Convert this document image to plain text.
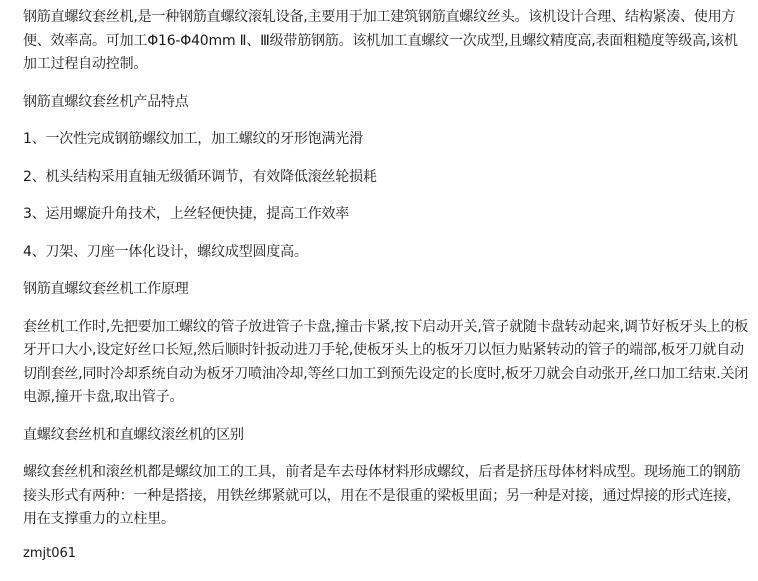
钢筋直螺纹套丝机,是一种钢筋直螺纹滚轧设备,主要用于加工建筑钢筋直螺纹丝头。该机设计合理、结构紧凑、使用方便、效率高。可加工Φ16-Φ40mm Ⅱ、Ⅲ级带筋钢筋。该机加工直螺纹一次成型,且螺纹精度高,表面粗糙度等级高,该机加工过程自动控制。

钢筋直螺纹套丝机产品特点

1、一次性完成钢筋螺纹加工，加工螺纹的牙形饱满光滑

2、机头结构采用直轴无级循环调节，有效降低滚丝轮损耗

3、运用螺旋升角技术，上丝轻便快捷，提高工作效率

4、刀架、刀座一体化设计，螺纹成型圆度高。

钢筋直螺纹套丝机工作原理

套丝机工作时,先把要加工螺纹的管子放进管子卡盘,撞击卡紧,按下启动开关,管子就随卡盘转动起来,调节好板牙头上的板牙开口大小,设定好丝口长短,然后顺时针扳动进刀手轮,使板牙头上的板牙刀以恒力贴紧转动的管子的端部,板牙刀就自动切削套丝,同时冷却系统自动为板牙刀喷油冷却,等丝口加工到预先设定的长度时,板牙刀就会自动张开,丝口加工结束.关闭电源,撞开卡盘,取出管子。

直螺纹套丝机和直螺纹滚丝机的区别

螺纹套丝机和滚丝机都是螺纹加工的工具，前者是车去母体材料形成螺纹，后者是挤压母体材料成型。现场施工的钢筋接头形式有两种：一种是搭接，用铁丝绑紧就可以，用在不是很重的梁板里面；另一种是对接，通过焊接的形式连接，用在支撑重力的立柱里。

zmjt061
